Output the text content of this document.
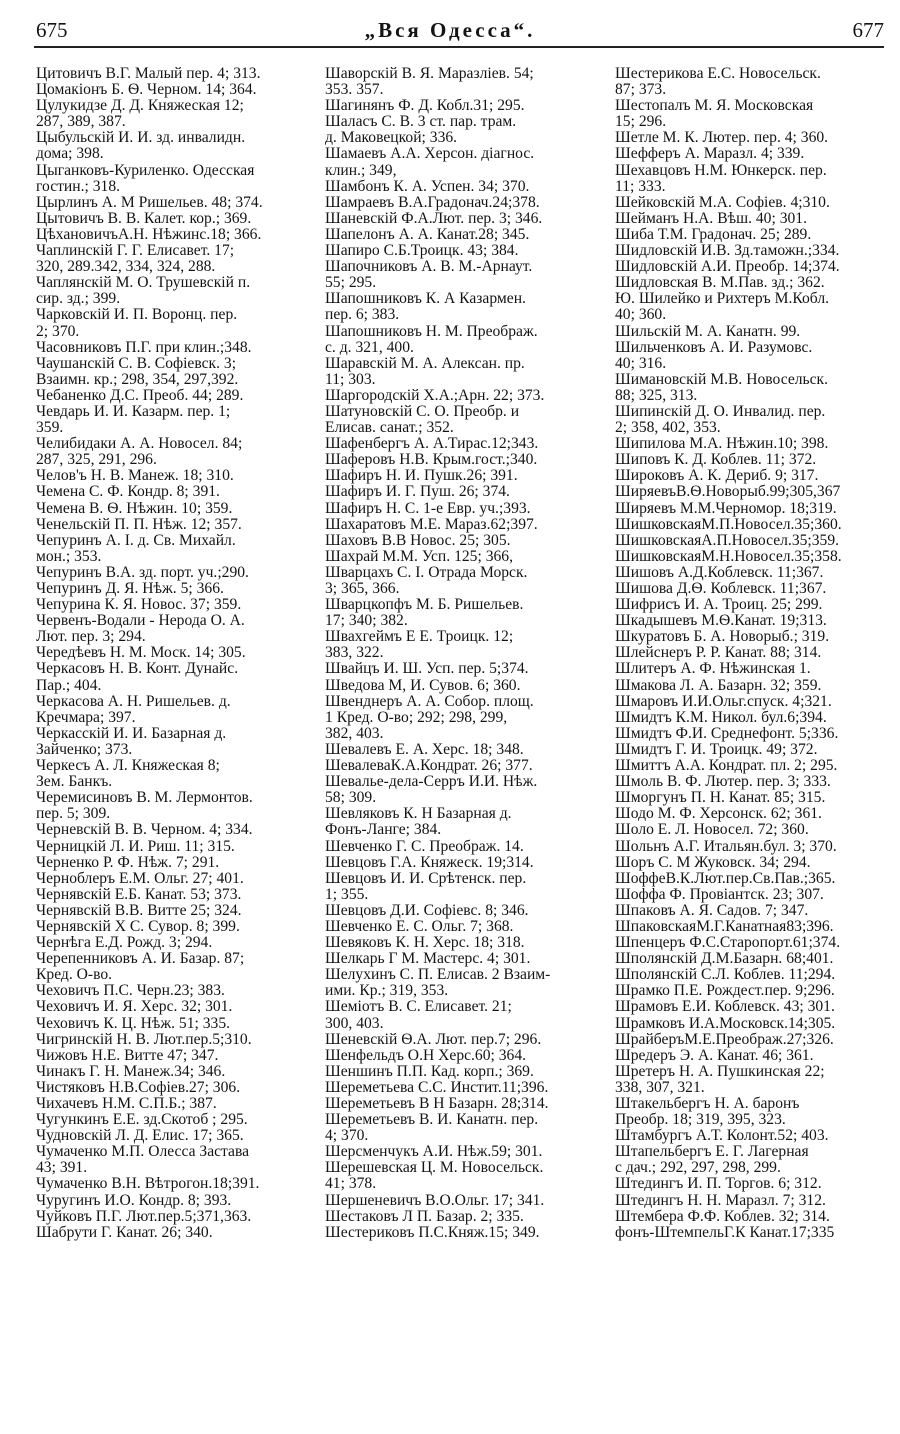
675	„Вся Одесса“.	677
Цитовичъ В.Г. Малый пер. 4; 313.
Цомакіонъ Б. Ѳ. Черном. 14; 364.
Цулукидзе Д. Д. Княжеская 12;
287, 389, 387.
Цыбульскій И. И. зд. инвалидн.
дома; 398.
Цыганковъ-Куриленко. Одесская
гостин.; 318.
Цырлинъ А. М Ришельев. 48; 374.
Цытовичъ В. В. Калет. кор.; 369.
ЦѣхановичъА.Н. Нѣжинс.18; 366.
Чаплинскій Г. Г. Елисавет. 17;
320, 289.342, 334, 324, 288.
Чаплянскій М. О. Трушевскій п.
сир. зд.; 399.
Чарковскій И. П. Воронц. пер.
2; 370.
Часовниковъ П.Г. при клин.;348.
Чаушанскій С. В. Софіевск. 3;
Взаимн. кр.; 298, 354, 297,392.
Чебаненко Д.С. Преоб. 44; 289.
Чевдарь И. И. Казарм. пер. 1;
359.
Челибидаки А. А. Новосел. 84;
287, 325, 291, 296.
Челов'ъ Н. В. Манеж. 18; 310.
Чемена С. Ф. Кондр. 8; 391.
Чемена В. Ѳ. Нѣжин. 10; 359.
Ченельскій П. П. Нѣж. 12; 357.
Чепуринъ А. І. д. Св. Михайл.
мон.; 353.
Чепуринъ В.А. зд. порт. уч.;290.
Чепуринъ Д. Я. Нѣж. 5; 366.
Чепурина К. Я. Новос. 37; 359.
Червенъ-Водали - Нерода О. А.
Лют. пер. 3; 294.
Чередѣевъ Н. М. Моск. 14; 305.
Черкасовъ Н. В. Конт. Дунайс.
Пар.; 404.
Черкасова А. Н. Ришельев. д.
Кречмара; 397.
Черкасскій И. И. Базарная д.
Зайченко; 373.
Черкесъ А. Л. Княжеская 8;
Зем. Банкъ.
Черемисиновъ В. М. Лермонтов.
пер. 5; 309.
Черневскій В. В. Черном. 4; 334.
Черницкій Л. И. Риш. 11; 315.
Черненко Р. Ф. Нѣж. 7; 291.
Черноблеръ Е.М. Ольг. 27; 401.
Чернявскій Е.Б. Канат. 53; 373.
Чернявскій В.В. Витте 25; 324.
Чернявскій Х С. Сувор. 8; 399.
Чернѣга Е.Д. Рожд. 3; 294.
Черепенниковъ А. И. Базар. 87;
Кред. О-во.
Чеховичъ П.С. Черн.23; 383.
Чеховичъ И. Я. Херс. 32; 301.
Чеховичъ К. Ц. Нѣж. 51; 335.
Чигринскій Н. В. Лют.пер.5;310.
Чижовъ Н.Е. Витте 47; 347.
Чинакъ Г. Н. Манеж.34; 346.
Чистяковъ Н.В.Софіев.27; 306.
Чихачевъ Н.М. С.П.Б.; 387.
Чугункинъ Е.Е. зд.Скотоб ; 295.
Чудновскій Л. Д. Елис. 17; 365.
Чумаченко М.П. Олесса Застава
43; 391.
Чумаченко В.Н. Вѣтрогон.18;391.
Чуругинъ И.О. Кондр. 8; 393.
Чуйковъ П.Г. Лют.пер.5;371,363.
Шабрути Г. Канат. 26; 340.
Шаворскій В. Я. Маразліев. 54;
353. 357.
Шагинянъ Ф. Д. Кобл.31; 295.
Шаласъ С. В. 3 ст. пар. трам.
д. Маковецкой; 336.
Шамаевъ А.А. Херсон. діагнос.
клин.; 349,
Шамбонъ К. А. Успен. 34; 370.
Шамраевъ В.А.Градонач.24;378.
Шаневскій Ф.А.Лют. пер. 3; 346.
Шапелонъ А. А. Канат.28; 345.
Шапиро С.Б.Троицк. 43; 384.
Шапочниковъ А. В. М.-Арнаут.
55; 295.
Шапошниковъ К. А Казармен.
пер. 6; 383.
Шапошниковъ Н. М. Преображ.
с. д. 321, 400.
Шаравскій М. А. Алексан. пр.
11; 303.
Шаргородскій Х.А.;Арн. 22; 373.
Шатуновскій С. О. Преобр. и
Елисав. санат.; 352.
Шафенбергъ А. А.Тирас.12;343.
Шаферовъ Н.В. Крым.гост.;340.
Шафиръ Н. И. Пушк.26; 391.
Шафиръ И. Г. Пуш. 26; 374.
Шафиръ Н. С. 1-е Евр. уч.;393.
Шахаратовъ М.Е. Мараз.62;397.
Шаховъ В.В Новос. 25; 305.
Шахрай М.М. Усп. 125; 366,
Шварцахъ С. І. Отрада Морск.
3; 365, 366.
Шварцкопфъ М. Б. Ришельев.
17; 340; 382.
Швахгеймъ Е Е. Троицк. 12;
383, 322.
Швайцъ И. Ш. Усп. пер. 5;374.
Шведова М, И. Сувов. 6; 360.
Швенднеръ А. А. Собор. площ.
1 Кред. О-во; 292; 298, 299,
382, 403.
Шевалевъ Е. А. Херс. 18; 348.
ШевалеваК.А.Кондрат. 26; 377.
Шевалье-дела-Серръ И.И. Нѣж.
58; 309.
Шевляковъ К. Н Базарная д.
Фонъ-Ланге; 384.
Шевченко Г. С. Преображ. 14.
Шевцовъ Г.А. Княжеск. 19;314.
Шевцовъ И. И. Срѣтенск. пер.
1; 355.
Шевцовъ Д.И. Софіевс. 8; 346.
Шевченко Е. С. Ольг. 7; 368.
Шевяковъ К. Н. Херс. 18; 318.
Шелкарь Г М. Мастерс. 4; 301.
Шелухинъ С. П. Елисав. 2 Взаим-
ими. Кр.; 319, 353.
Шеміотъ В. С. Елисавет. 21;
300, 403.
Шеневскій Ѳ.А. Лют. пер.7; 296.
Шенфельдъ О.Н Херс.60; 364.
Шеншинъ П.П. Кад. корп.; 369.
Шереметьева С.С. Инстит.11;396.
Шереметьевъ В Н Базарн. 28;314.
Шереметьевъ В. И. Канатн. пер.
4; 370.
Шерсменчукъ А.И. Нѣж.59; 301.
Шерешевская Ц. М. Новосельск.
41; 378.
Шершеневичъ В.О.Ольг. 17; 341.
Шестаковъ Л П. Базар. 2; 335.
Шестериковъ П.С.Княж.15; 349.
Шестерикова Е.С. Новосельск.
87; 373.
Шестопалъ М. Я. Московская
15; 296.
Шетле М. К. Лютер. пер. 4; 360.
Шефферъ А. Маразл. 4; 339.
Шехавцовъ Н.М. Юнкерск. пер.
11; 333.
Шейковскій М.А. Софіев. 4;310.
Шейманъ Н.А. Вѣш. 40; 301.
Шиба Т.М. Градонач. 25; 289.
Шидловскій И.В. Зд.таможн.;334.
Шидловскій А.И. Преобр. 14;374.
Шидловская В. М.Пав. зд.; 362.
Ю. Шилейко и Рихтеръ М.Кобл.
40; 360.
Шильскій М. А. Канатн. 99.
Шильченковъ А. И. Разумовс.
40; 316.
Шимановскій М.В. Новосельск.
88; 325, 313.
Шипинскій Д. О. Инвалид. пер.
2; 358, 402, 353.
Шипилова М.А. Нѣжин.10; 398.
Шиповъ К. Д. Коблев. 11; 372.
Широковъ А. К. Дериб. 9; 317.
ШиряевъВ.Ѳ.Новорыб.99;305,367
Ширяевъ М.М.Черномор. 18;319.
ШишковскаяМ.П.Новосел.35;360.
ШишковскаяА.П.Новосел.35;359.
ШишковскаяМ.Н.Новосел.35;358.
Шишовъ А.Д.Коблевск. 11;367.
Шишова Д.Ѳ. Коблевск. 11;367.
Шифрисъ И. А. Троиц. 25; 299.
Шкадышевъ М.Ѳ.Канат. 19;313.
Шкуратовъ Б. А. Новорыб.; 319.
Шлейснеръ Р. Р. Канат. 88; 314.
Шлитеръ А. Ф. Нѣжинская 1.
Шмакова Л. А. Базарн. 32; 359.
Шмаровъ И.И.Ольг.спуск. 4;321.
Шмидтъ К.М. Никол. бул.6;394.
Шмидтъ Ф.И. Среднефонт. 5;336.
Шмидтъ Г. И. Троицк. 49; 372.
Шмиттъ А.А. Кондрат. пл. 2; 295.
Шмоль В. Ф. Лютер. пер. 3; 333.
Шморгунъ П. Н. Канат. 85; 315.
Шодо М. Ф. Херсонск. 62; 361.
Шоло Е. Л. Новосел. 72; 360.
Шольнъ А.Г. Итальян.бул. 3; 370.
Шоръ С. М Жуковск. 34; 294.
ШоффеВ.К.Лют.пер.Св.Пав.;365.
Шоффа Ф. Провіантск. 23; 307.
Шпаковъ А. Я. Садов. 7; 347.
ШпаковскаяМ.Г.Канатная83;396.
Шпенцеръ Ф.С.Старопорт.61;374.
Шполянскій Д.М.Базарн. 68;401.
Шполянскій С.Л. Коблев. 11;294.
Шрамко П.Е. Рождест.пер. 9;296.
Шрамовъ Е.И. Коблевск. 43; 301.
Шрамковъ И.А.Московск.14;305.
ШрайберъМ.Е.Преображ.27;326.
Шредеръ Э. А. Канат. 46; 361.
Шретеръ Н. А. Пушкинская 22;
338, 307, 321.
Штакельбергъ Н. А. баронъ
Преобр. 18; 319, 395, 323.
Штамбургъ А.Т. Колонт.52; 403.
Штапельбергъ Е. Г. Лагерная
с дач.; 292, 297, 298, 299.
Штедингъ И. П. Торгов. 6; 312.
Штедингъ Н. Н. Маразл. 7; 312.
Штембера Ф.Ф. Коблев. 32; 314.
фонъ-ШтемпельГ.К Канат.17;335
